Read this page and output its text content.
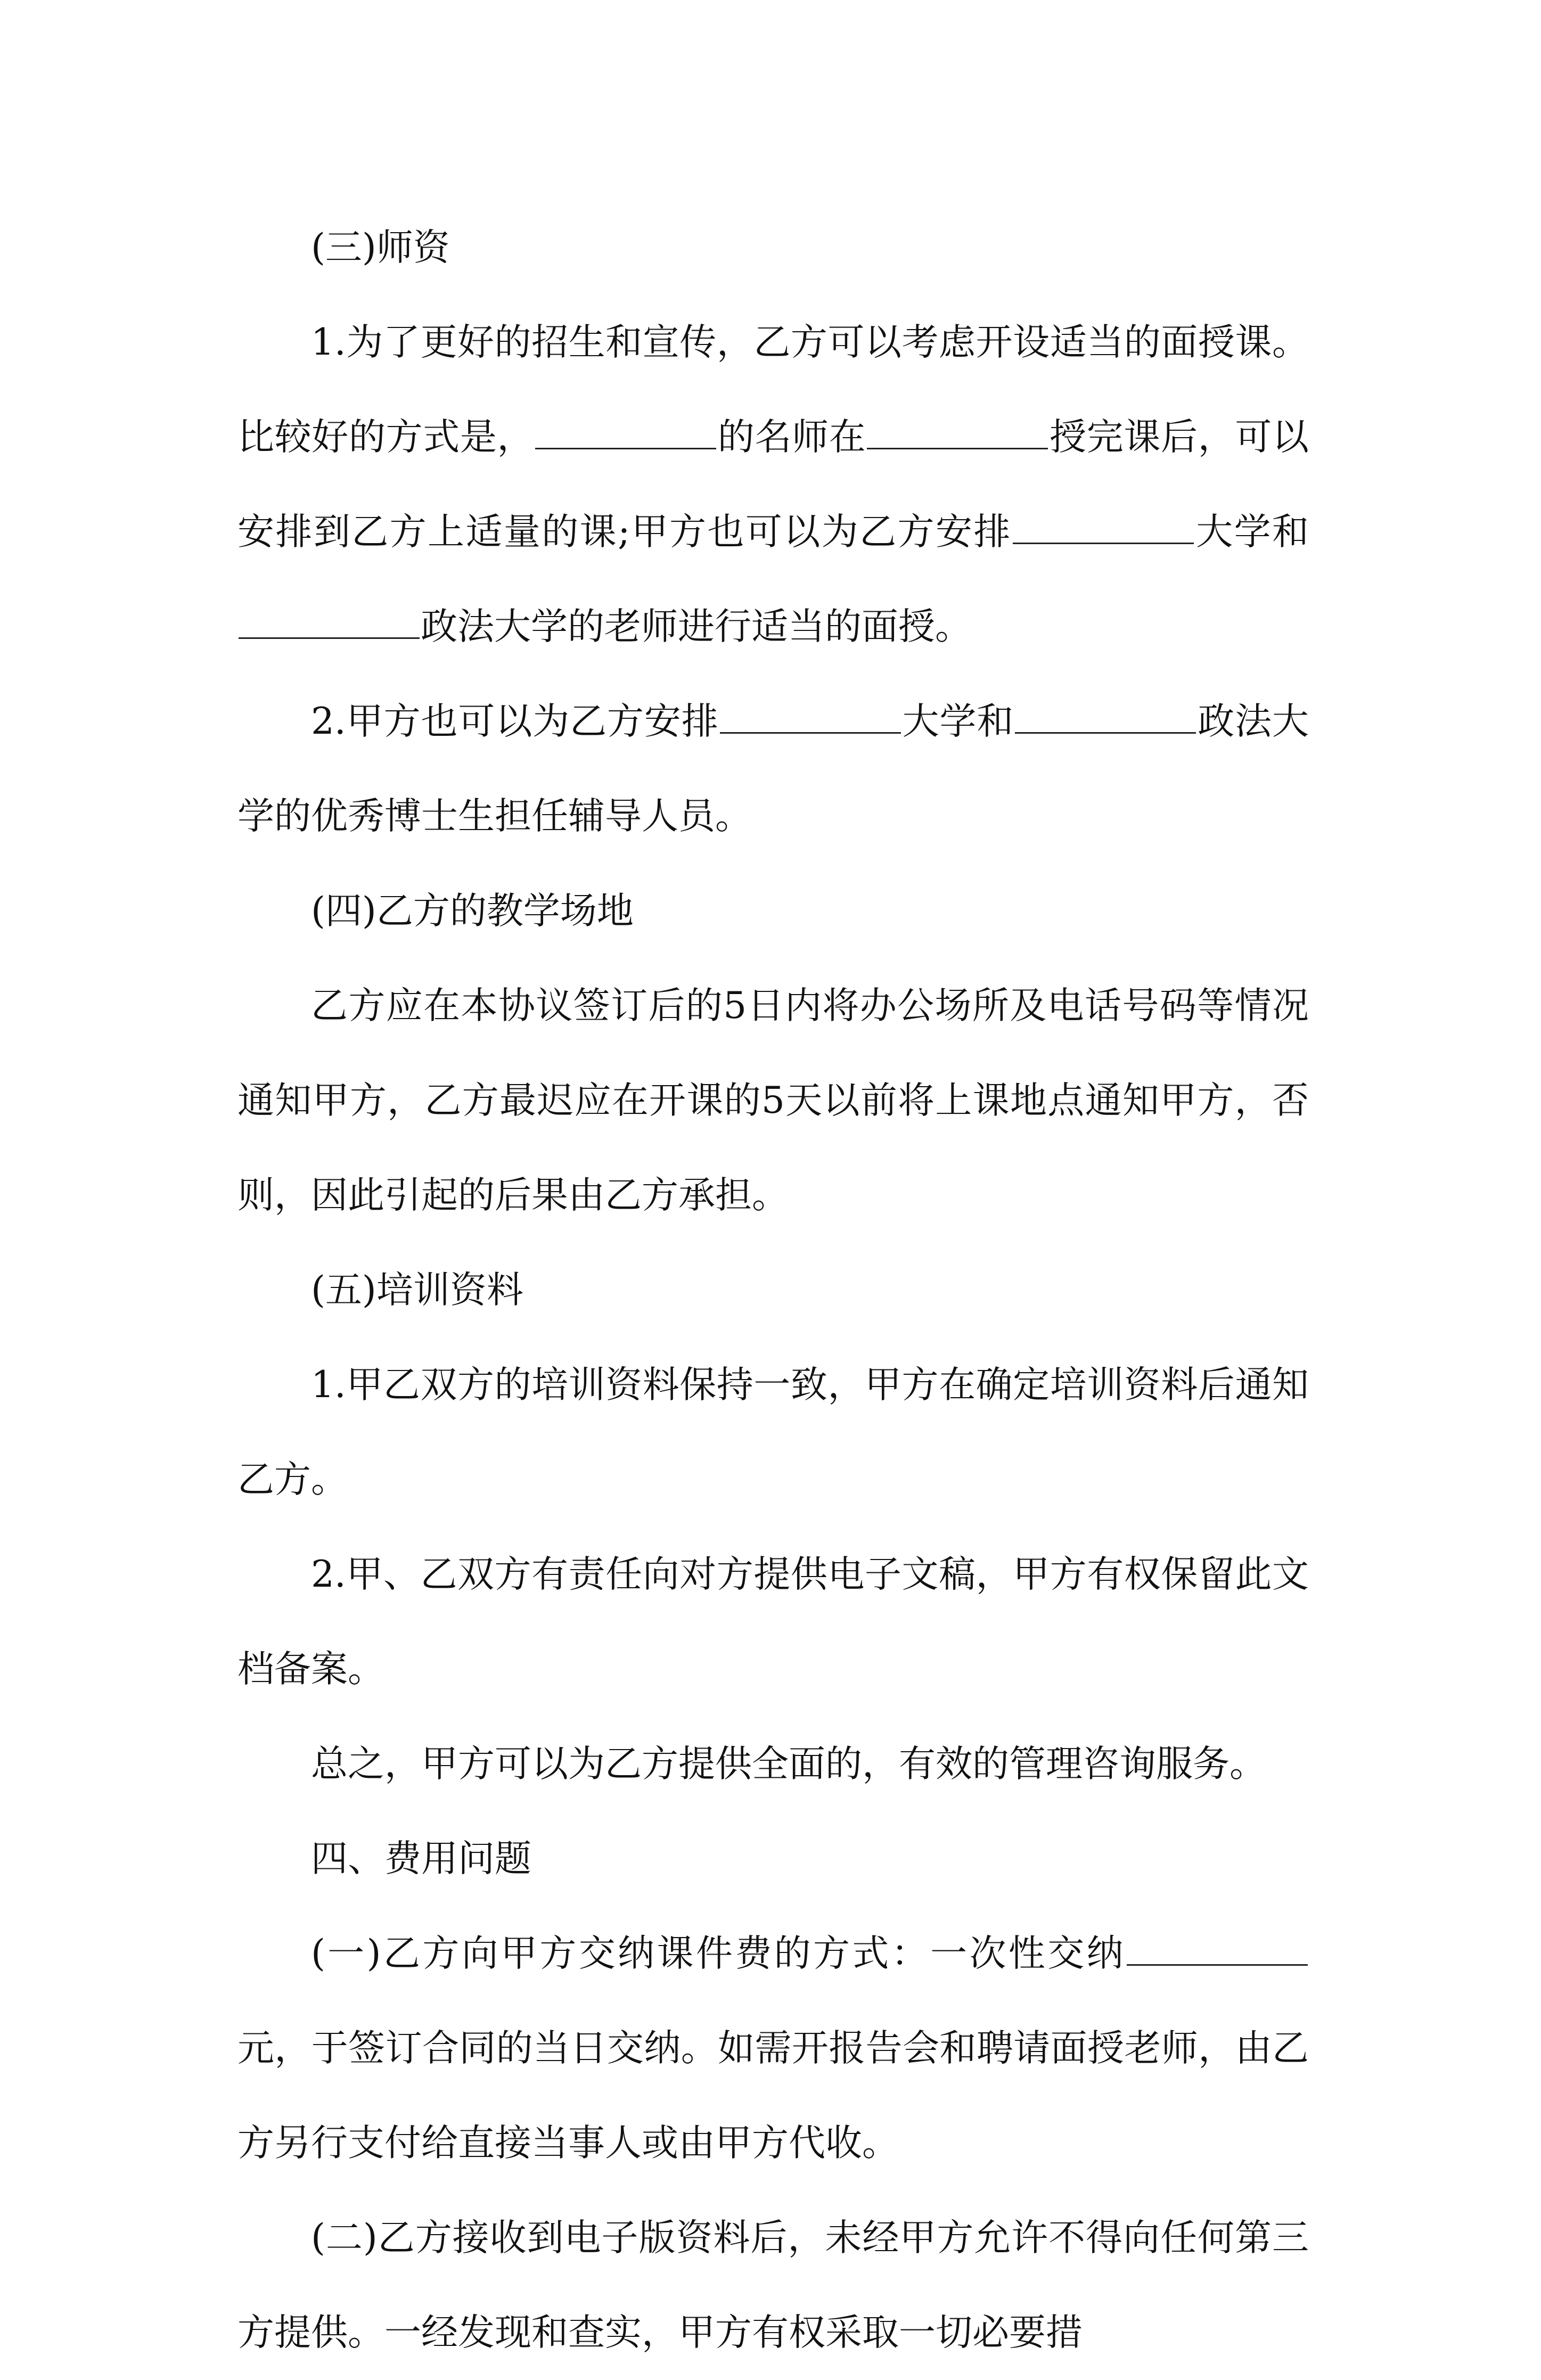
(三)师资

1.为了更好的招生和宣传，乙方可以考虑开设适当的面授课。比较好的方式是，	的名师在	授完课后，可以安排到乙方上适量的课;甲方也可以为乙方安排	大学和政法大学的老师进行适当的面授。

2.甲方也可以为乙方安排	大学和	政法大学的优秀博士生担任辅导人员。

(四)乙方的教学场地

乙方应在本协议签订后的5日内将办公场所及电话号码等情况通知甲方，乙方最迟应在开课的5天以前将上课地点通知甲方，否则，因此引起的后果由乙方承担。

(五)培训资料

1.甲乙双方的培训资料保持一致，甲方在确定培训资料后通知乙方。

2.甲、乙双方有责任向对方提供电子文稿，甲方有权保留此文档备案。

总之，甲方可以为乙方提供全面的，有效的管理咨询服务。

四、费用问题

(一)乙方向甲方交纳课件费的方式：一次性交纳元，于签订合同的当日交纳。如需开报告会和聘请面授老师，由乙方另行支付给直接当事人或由甲方代收。

(二)乙方接收到电子版资料后，未经甲方允许不得向任何第三方提供。一经发现和查实，甲方有权采取一切必要措
